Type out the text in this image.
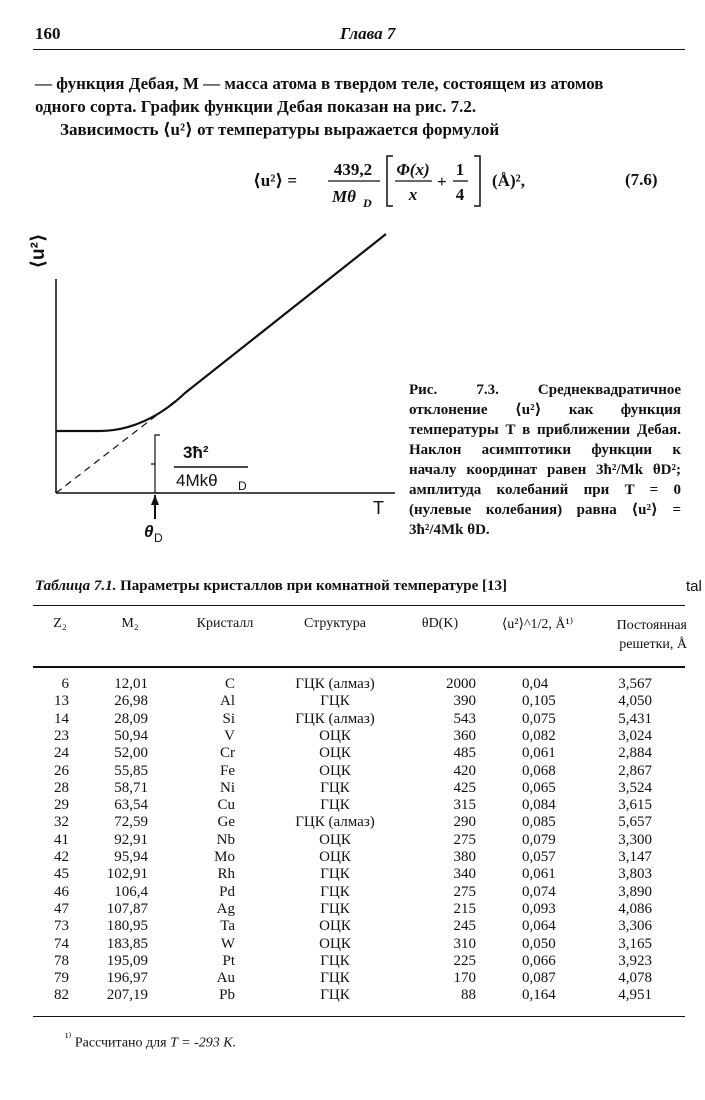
160	Глава 7
— функция Дебая, M — масса атома в твердом теле, состоящем из атомов
одного сорта. График функции Дебая показан на рис. 7.2.
Зависимость ⟨u²⟩ от температуры выражается формулой
⟨u²⟩ =
439,2
Mθ D
Φ(x)
x
+
1
4
(Å)²,	(7.6)
⟨u²⟩
T
3ħ²
4Mkθ D
θ D
Рис. 7.3. Среднеквадратичное отклонение ⟨u²⟩ как функция температуры T в приближении Дебая. Наклон асимптотики функции к началу координат равен 3ħ²/Mk θD²; амплитуда колебаний при T = 0 (нулевые колебания) равна ⟨u²⟩ = 3ħ²/4Mk θD.
Таблица 7.1. Параметры кристаллов при комнатной температуре [13]	tal
Z₂	M₂	Кристалл	Структура	θD(K)	⟨u²⟩^1/2, Å¹⁾	Постоянная решетки, Å
6	12,01	C	ГЦК (алмаз)	2000	0,04	3,567
13	26,98	Al	ГЦК	390	0,105	4,050
14	28,09	Si	ГЦК (алмаз)	543	0,075	5,431
23	50,94	V	ОЦК	360	0,082	3,024
24	52,00	Cr	ОЦК	485	0,061	2,884
26	55,85	Fe	ОЦК	420	0,068	2,867
28	58,71	Ni	ГЦК	425	0,065	3,524
29	63,54	Cu	ГЦК	315	0,084	3,615
32	72,59	Ge	ГЦК (алмаз)	290	0,085	5,657
41	92,91	Nb	ОЦК	275	0,079	3,300
42	95,94	Mo	ОЦК	380	0,057	3,147
45	102,91	Rh	ГЦК	340	0,061	3,803
46	106,4	Pd	ГЦК	275	0,074	3,890
47	107,87	Ag	ГЦК	215	0,093	4,086
73	180,95	Ta	ОЦК	245	0,064	3,306
74	183,85	W	ОЦК	310	0,050	3,165
78	195,09	Pt	ГЦК	225	0,066	3,923
79	196,97	Au	ГЦК	170	0,087	4,078
82	207,19	Pb	ГЦК	88	0,164	4,951
$^{^{1)}}$ Рассчитано для T = -293 K.
